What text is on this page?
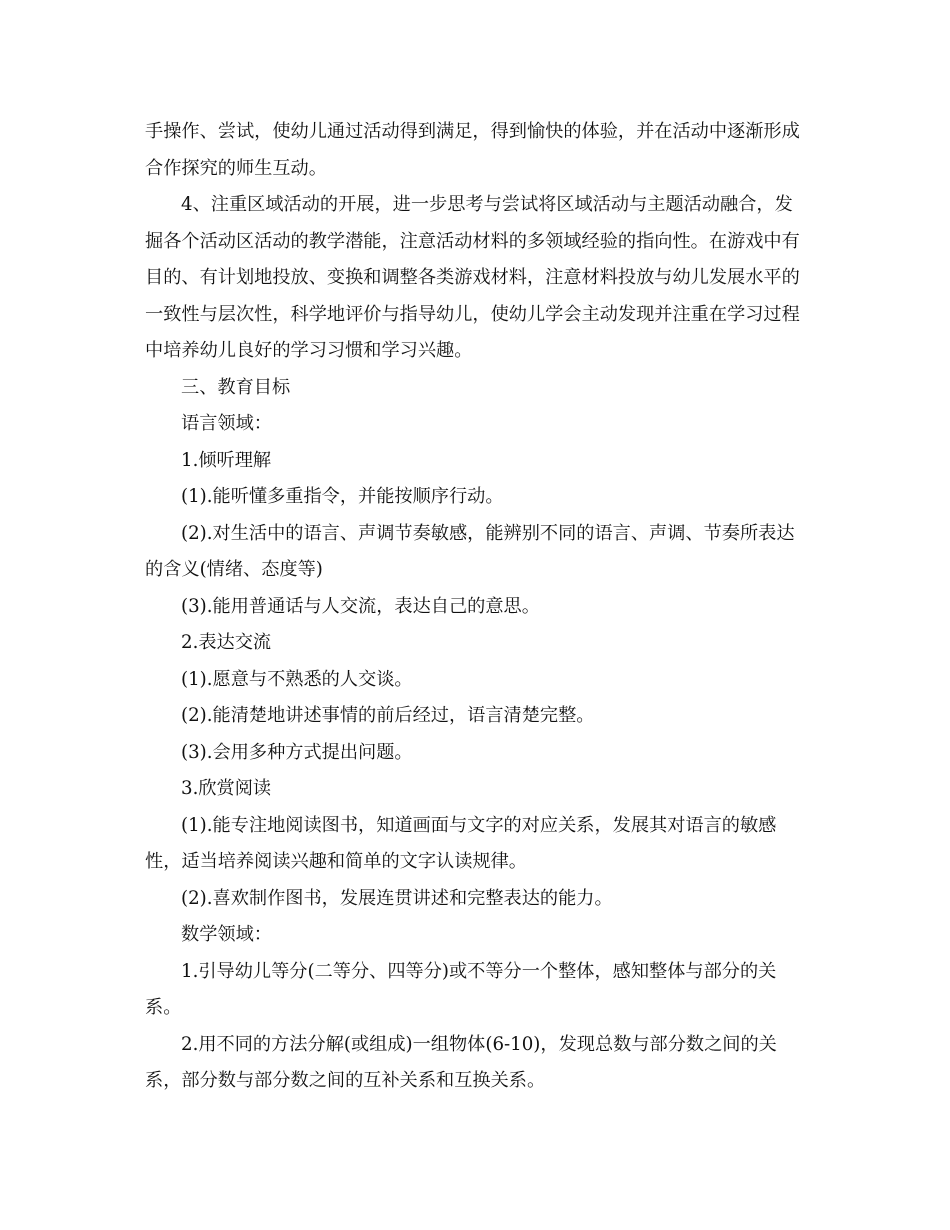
手操作、尝试，使幼儿通过活动得到满足，得到愉快的体验，并在活动中逐渐形成合作探究的师生互动。

4、注重区域活动的开展，进一步思考与尝试将区域活动与主题活动融合，发掘各个活动区活动的教学潜能，注意活动材料的多领域经验的指向性。在游戏中有目的、有计划地投放、变换和调整各类游戏材料，注意材料投放与幼儿发展水平的一致性与层次性，科学地评价与指导幼儿，使幼儿学会主动发现并注重在学习过程中培养幼儿良好的学习习惯和学习兴趣。

三、教育目标

语言领域：

1.倾听理解

(1).能听懂多重指令，并能按顺序行动。

(2).对生活中的语言、声调节奏敏感，能辨别不同的语言、声调、节奏所表达的含义(情绪、态度等)

(3).能用普通话与人交流，表达自己的意思。

2.表达交流

(1).愿意与不熟悉的人交谈。

(2).能清楚地讲述事情的前后经过，语言清楚完整。

(3).会用多种方式提出问题。

3.欣赏阅读

(1).能专注地阅读图书，知道画面与文字的对应关系，发展其对语言的敏感性，适当培养阅读兴趣和简单的文字认读规律。

(2).喜欢制作图书，发展连贯讲述和完整表达的能力。

数学领域：

1.引导幼儿等分(二等分、四等分)或不等分一个整体，感知整体与部分的关系。

2.用不同的方法分解(或组成)一组物体(6-10)，发现总数与部分数之间的关系，部分数与部分数之间的互补关系和互换关系。
